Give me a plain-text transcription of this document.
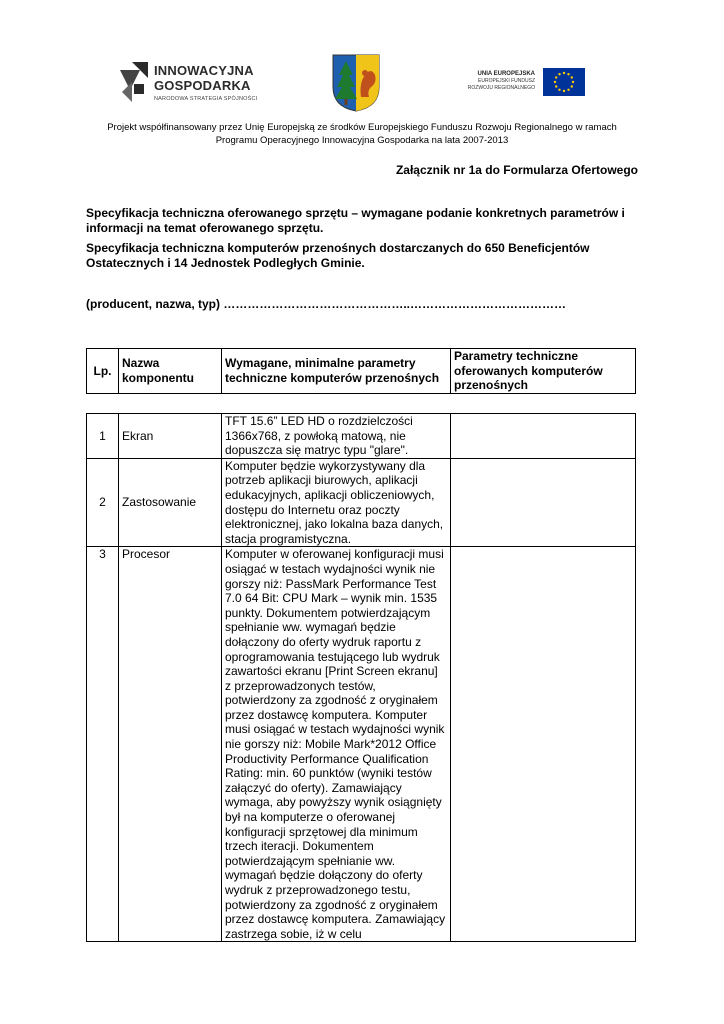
INNOWACYJNA
GOSPODARKA
NARODOWA STRATEGIA SPÓJNOŚCI
UNIA EUROPEJSKA
EUROPEJSKI FUNDUSZ
ROZWOJU REGIONALNEGO
Projekt współfinansowany przez Unię Europejską ze środków Europejskiego Funduszu Rozwoju Regionalnego w ramach
Programu Operacyjnego Innowacyjna Gospodarka na lata 2007-2013
Załącznik nr 1a do Formularza Ofertowego
Specyfikacja techniczna oferowanego sprzętu – wymagane podanie konkretnych parametrów i informacji na temat oferowanego sprzętu.
Specyfikacja techniczna komputerów przenośnych dostarczanych do 650 Beneficjentów Ostatecznych i 14 Jednostek Podległych Gminie.
(producent, nazwa, typ) ………………………………………..…………………………………
Lp.	Nazwa komponentu	Wymagane, minimalne parametry techniczne komputerów przenośnych	Parametry techniczne oferowanych komputerów przenośnych
1	Ekran	TFT 15.6” LED HD o rozdzielczości 1366x768, z powłoką matową, nie dopuszcza się matryc typu "glare".	
2	Zastosowanie	Komputer będzie wykorzystywany dla potrzeb aplikacji biurowych, aplikacji edukacyjnych, aplikacji obliczeniowych, dostępu do Internetu oraz poczty elektronicznej, jako lokalna baza danych, stacja programistyczna.	
3	Procesor	Komputer w oferowanej konfiguracji musi osiągać w testach wydajności wynik nie gorszy niż: PassMark Performance Test 7.0 64 Bit: CPU Mark – wynik min. 1535 punkty. Dokumentem potwierdzającym spełnianie ww. wymagań będzie dołączony do oferty wydruk raportu z oprogramowania testującego lub wydruk zawartości ekranu [Print Screen ekranu] z przeprowadzonych testów, potwierdzony za zgodność z oryginałem przez dostawcę komputera. Komputer musi osiągać w testach wydajności wynik nie gorszy niż: Mobile Mark*2012 Office Productivity Performance Qualification Rating: min. 60 punktów (wyniki testów załączyć do oferty). Zamawiający wymaga, aby powyższy wynik osiągnięty był na komputerze o oferowanej konfiguracji sprzętowej dla minimum trzech iteracji. Dokumentem potwierdzającym spełnianie ww. wymagań będzie dołączony do oferty wydruk z przeprowadzonego testu, potwierdzony za zgodność z oryginałem przez dostawcę komputera. Zamawiający zastrzega sobie, iż w celu	
